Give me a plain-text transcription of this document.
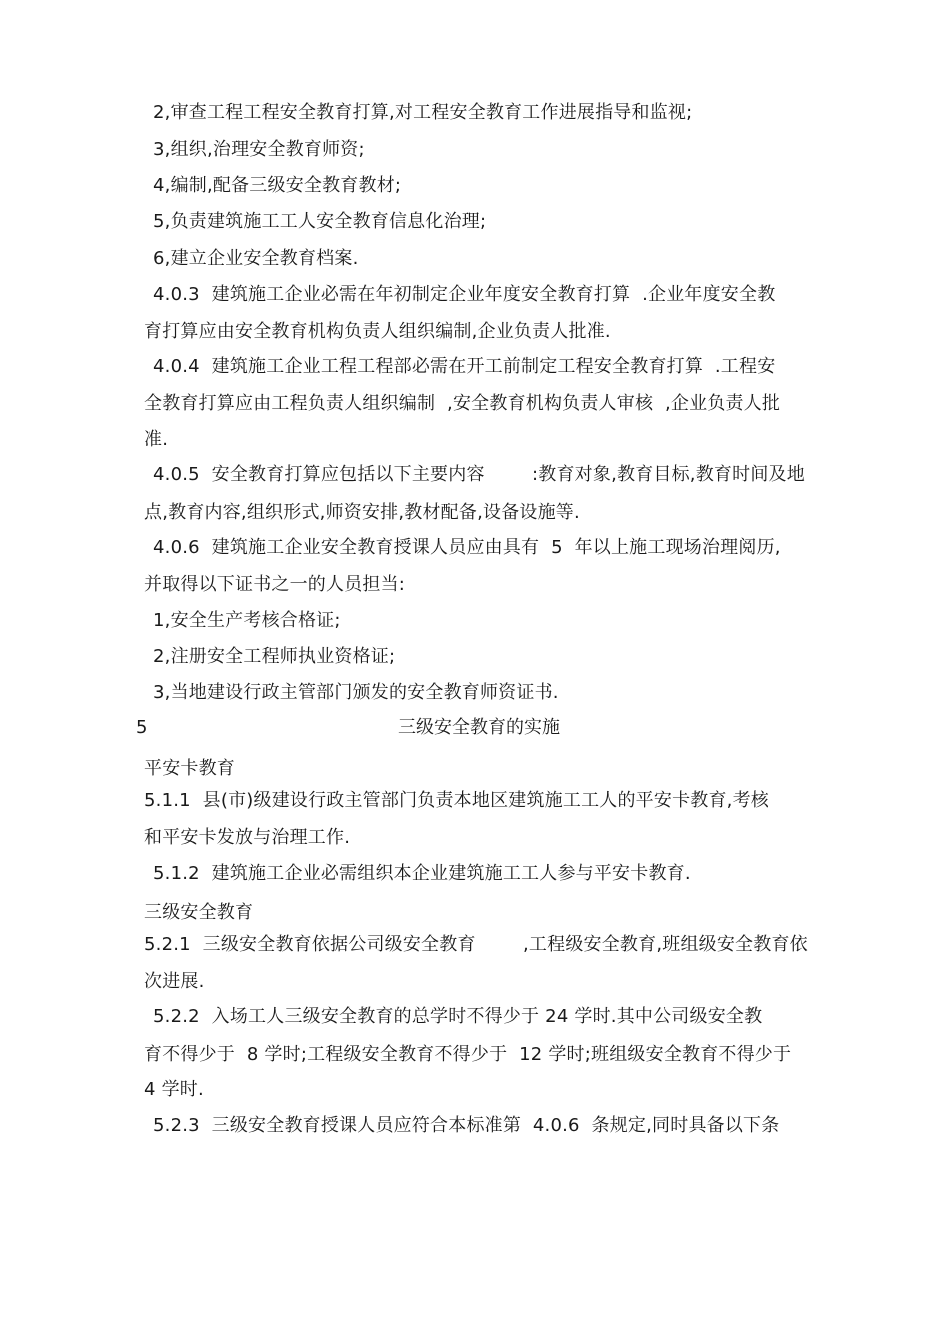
2,审查工程工程安全教育打算,对工程安全教育工作进展指导和监视;
3,组织,治理安全教育师资;
4,编制,配备三级安全教育教材;
5,负责建筑施工工人安全教育信息化治理;
6,建立企业安全教育档案.
4.0.3  建筑施工企业必需在年初制定企业年度安全教育打算  .企业年度安全教
育打算应由安全教育机构负责人组织编制,企业负责人批准.
4.0.4  建筑施工企业工程工程部必需在开工前制定工程安全教育打算  .工程安
全教育打算应由工程负责人组织编制  ,安全教育机构负责人审核  ,企业负责人批
准.
4.0.5  安全教育打算应包括以下主要内容        :教育对象,教育目标,教育时间及地
点,教育内容,组织形式,师资安排,教材配备,设备设施等.
4.0.6  建筑施工企业安全教育授课人员应由具有  5  年以上施工现场治理阅历,
并取得以下证书之一的人员担当:
1,安全生产考核合格证;
2,注册安全工程师执业资格证;
3,当地建设行政主管部门颁发的安全教育师资证书.
5	三级安全教育的实施
平安卡教育
5.1.1  县(市)级建设行政主管部门负责本地区建筑施工工人的平安卡教育,考核
和平安卡发放与治理工作.
5.1.2  建筑施工企业必需组织本企业建筑施工工人参与平安卡教育.
三级安全教育
5.2.1  三级安全教育依据公司级安全教育        ,工程级安全教育,班组级安全教育依
次进展.
5.2.2  入场工人三级安全教育的总学时不得少于 24 学时.其中公司级安全教
育不得少于  8 学时;工程级安全教育不得少于  12 学时;班组级安全教育不得少于
4 学时.
5.2.3  三级安全教育授课人员应符合本标准第  4.0.6  条规定,同时具备以下条
